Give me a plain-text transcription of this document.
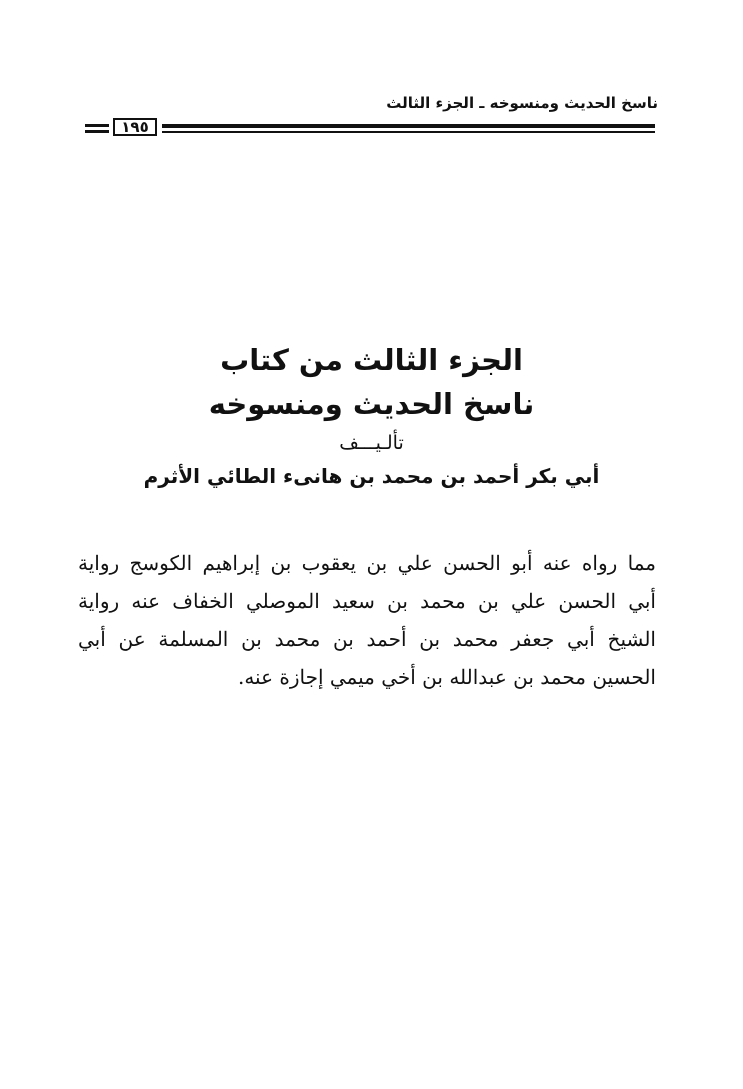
ناسخ الحديث ومنسوخه ـ الجزء الثالث
١٩٥
الجزء الثالث من كتاب
ناسخ الحديث ومنسوخه
تألـيـــف
أبي بكر أحمد بن محمد بن هانىء الطائي الأثرم
مما رواه عنه أبو الحسن علي بن يعقوب بن إبراهيم الكوسج رواية
أبي الحسن علي بن محمد بن سعيد الموصلي الخفاف عنه رواية
الشيخ أبي جعفر محمد بن أحمد بن محمد بن المسلمة عن أبي
الحسين محمد بن عبدالله بن أخي ميمي إجازة عنه.
